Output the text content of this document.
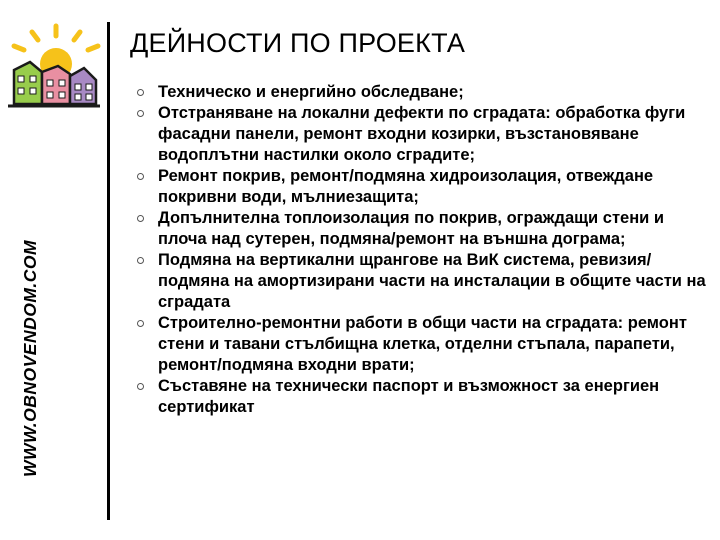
WWW.OBNOVENDOM.COM
ДЕЙНОСТИ ПО ПРОЕКТА
Техническо и енергийно обследване;
Отстраняване на локални дефекти по сградата: обработка фуги фасадни панели, ремонт входни козирки, възстановяване водоплътни настилки около сградите;
Ремонт покрив, ремонт/подмяна хидроизолация, отвеждане покривни води, мълниезащита;
Допълнителна топлоизолация по покрив, ограждащи стени и плоча над сутерен, подмяна/ремонт на външна дограма;
Подмяна на вертикални щрангове на ВиК система, ревизия/подмяна на амортизирани части на инсталации в общите части на сградата
Строително-ремонтни работи в общи части на сградата: ремонт стени и тавани стълбищна клетка, отделни стъпала, парапети, ремонт/подмяна входни врати;
Съставяне на технически паспорт и възможност за енергиен сертификат
